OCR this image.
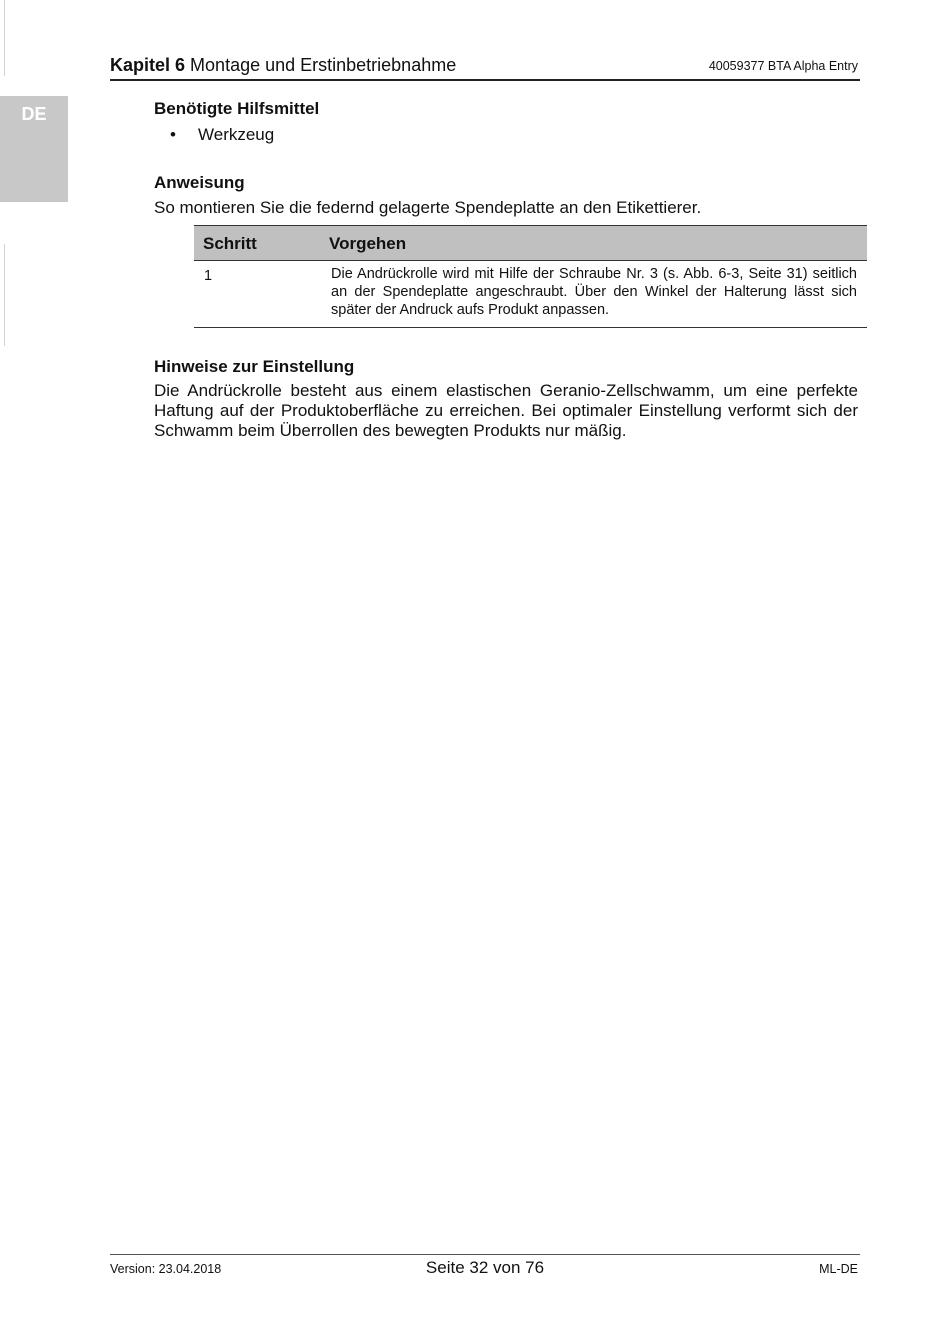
DE
Kapitel 6 Montage und Erstinbetriebnahme	40059377 BTA Alpha Entry
Benötigte Hilfsmittel
• Werkzeug
Anweisung

So montieren Sie die federnd gelagerte Spendeplatte an den Etikettierer.

Schritt	Vorgehen
1	Die Andrückrolle wird mit Hilfe der Schraube Nr. 3 (s. Abb. 6-3, Seite 31) seitlich an der Spendeplatte angeschraubt. Über den Winkel der Halterung lässt sich später der Andruck aufs Produkt anpassen.
Hinweise zur Einstellung

Die Andrückrolle besteht aus einem elastischen Geranio-Zellschwamm, um eine perfekte Haftung auf der Produktoberfläche zu erreichen. Bei optimaler Einstellung verformt sich der Schwamm beim Überrollen des bewegten Produkts nur mäßig.

Version: 23.04.2018	Seite 32 von 76	ML-DE
